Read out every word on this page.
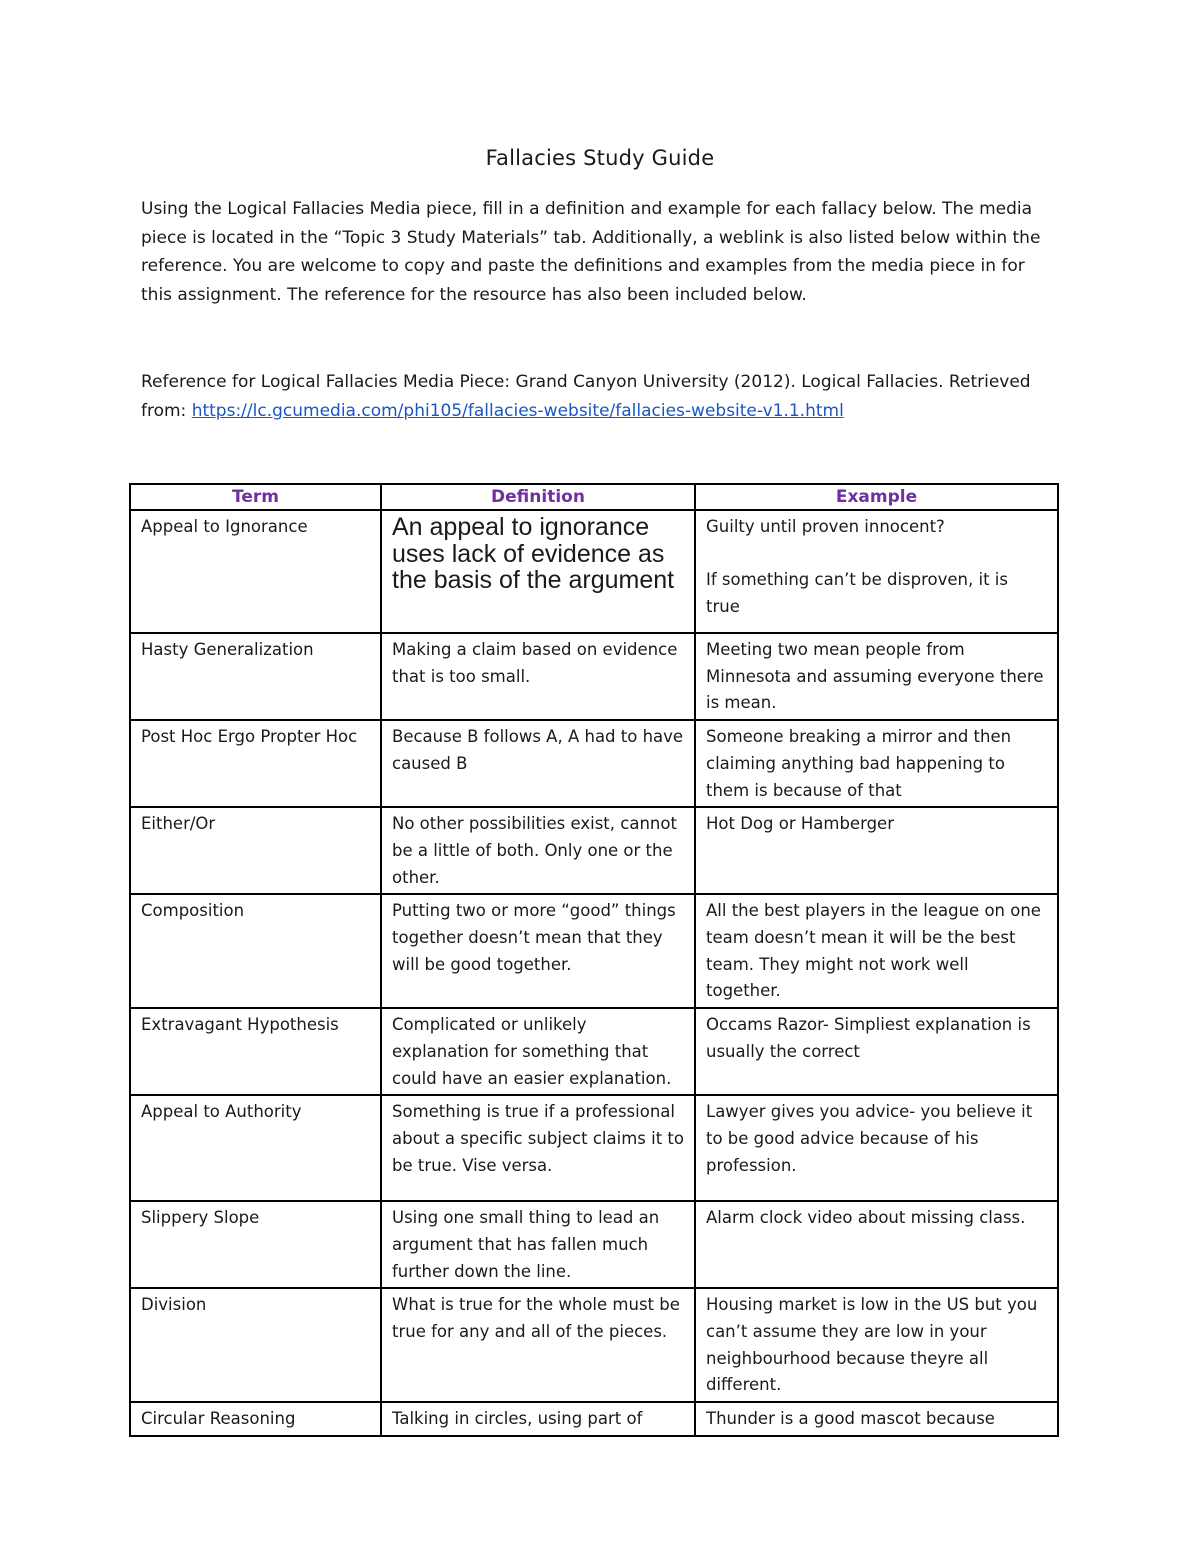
Fallacies Study Guide

Using the Logical Fallacies Media piece, fill in a definition and example for each fallacy below. The media piece is located in the “Topic 3 Study Materials” tab. Additionally, a weblink is also listed below within the reference. You are welcome to copy and paste the definitions and examples from the media piece in for this assignment. The reference for the resource has also been included below.

Reference for Logical Fallacies Media Piece: Grand Canyon University (2012). Logical Fallacies. Retrieved from: https://lc.gcumedia.com/phi105/fallacies-website/fallacies-website-v1.1.html

Term	Definition	Example
Appeal to Ignorance	An appeal to ignorance uses lack of evidence as the basis of the argument	Guilty until proven innocent?
If something can’t be disproven, it is true
Hasty Generalization	Making a claim based on evidence that is too small.	Meeting two mean people from Minnesota and assuming everyone there is mean.
Post Hoc Ergo Propter Hoc	Because B follows A, A had to have caused B	Someone breaking a mirror and then claiming anything bad happening to them is because of that
Either/Or	No other possibilities exist, cannot be a little of both. Only one or the other.	Hot Dog or Hamberger
Composition	Putting two or more “good” things together doesn’t mean that they will be good together.	All the best players in the league on one team doesn’t mean it will be the best team. They might not work well together.
Extravagant Hypothesis	Complicated or unlikely explanation for something that could have an easier explanation.	Occams Razor- Simpliest explanation is usually the correct
Appeal to Authority	Something is true if a professional about a specific subject claims it to be true. Vise versa.	Lawyer gives you advice- you believe it to be good advice because of his profession.
Slippery Slope	Using one small thing to lead an argument that has fallen much further down the line.	Alarm clock video about missing class.
Division	What is true for the whole must be true for any and all of the pieces.	Housing market is low in the US but you can’t assume they are low in your neighbourhood because theyre all different.
Circular Reasoning	Talking in circles, using part of	Thunder is a good mascot because
